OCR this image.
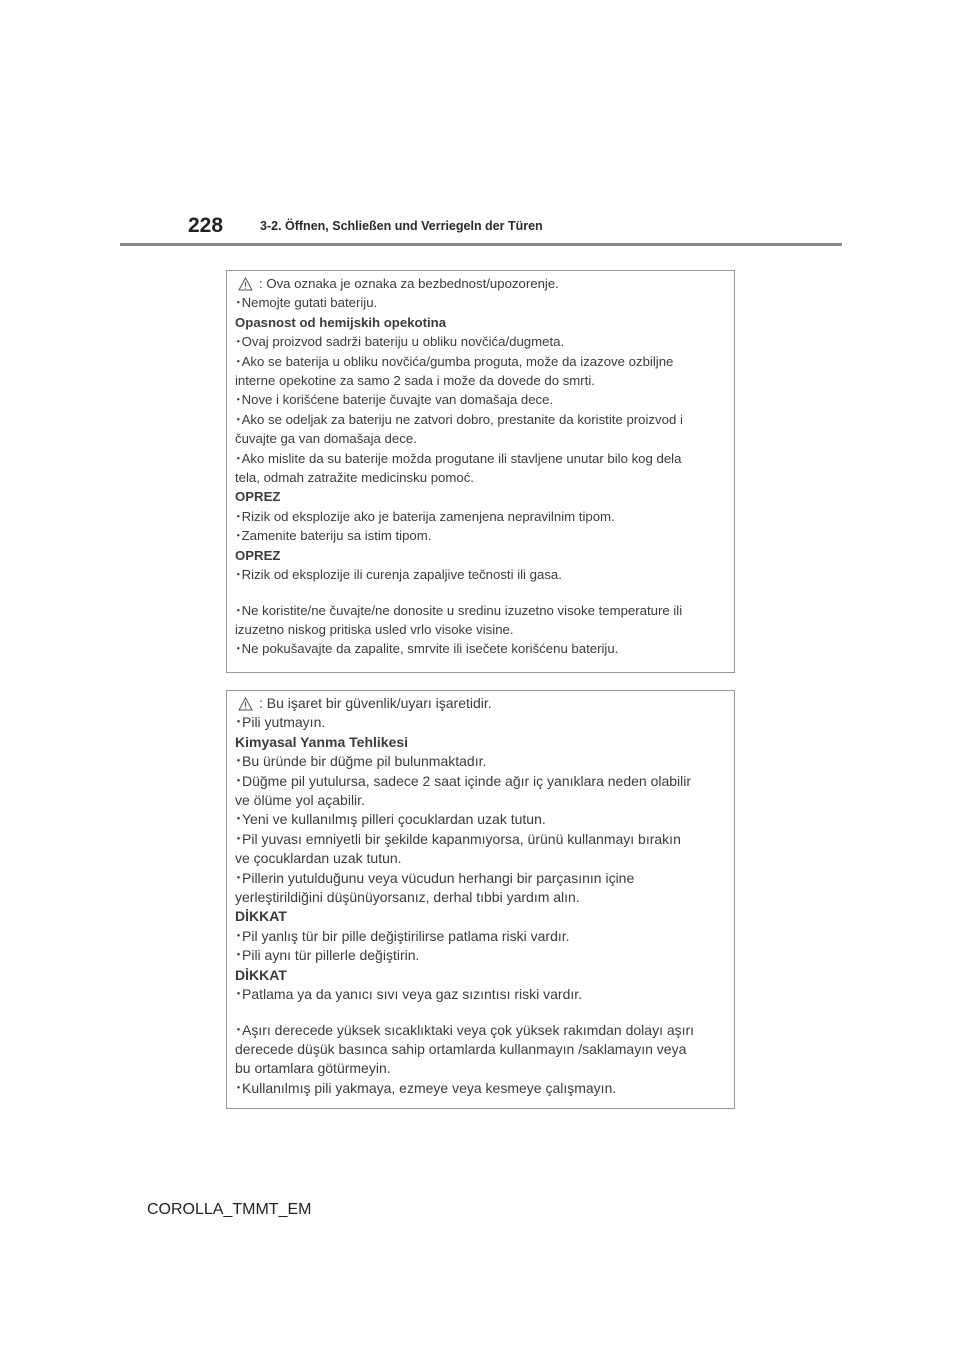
228	3-2. Öffnen, Schließen und Verriegeln der Türen
: Ova oznaka je oznaka za bezbednost/upozorenje.
･Nemojte gutati bateriju.
Opasnost od hemijskih opekotina
･Ovaj proizvod sadrži bateriju u obliku novčića/dugmeta.
･Ako se baterija u obliku novčića/gumba proguta, može da izazove ozbiljne
interne opekotine za samo 2 sada i može da dovede do smrti.
･Nove i korišćene baterije čuvajte van domašaja dece.
･Ako se odeljak za bateriju ne zatvori dobro, prestanite da koristite proizvod i
čuvajte ga van domašaja dece.
･Ako mislite da su baterije možda progutane ili stavljene unutar bilo kog dela
tela, odmah zatražite medicinsku pomoć.
OPREZ
･Rizik od eksplozije ako je baterija zamenjena nepravilnim tipom.
･Zamenite bateriju sa istim tipom.
OPREZ
･Rizik od eksplozije ili curenja zapaljive tečnosti ili gasa.
･Ne koristite/ne čuvajte/ne donosite u sredinu izuzetno visoke temperature ili
izuzetno niskog pritiska usled vrlo visoke visine.
･Ne pokušavajte da zapalite, smrvite ili isečete korišćenu bateriju.
: Bu işaret bir güvenlik/uyarı işaretidir.
･Pili yutmayın.
Kimyasal Yanma Tehlikesi
･Bu üründe bir düğme pil bulunmaktadır.
･Düğme pil yutulursa, sadece 2 saat içinde ağır iç yanıklara neden olabilir
ve ölüme yol açabilir.
･Yeni ve kullanılmış pilleri çocuklardan uzak tutun.
･Pil yuvası emniyetli bir şekilde kapanmıyorsa, ürünü kullanmayı bırakın
ve çocuklardan uzak tutun.
･Pillerin yutulduğunu veya vücudun herhangi bir parçasının içine
yerleştirildiğini düşünüyorsanız, derhal tıbbi yardım alın.
DİKKAT
･Pil yanlış tür bir pille değiştirilirse patlama riski vardır.
･Pili aynı tür pillerle değiştirin.
DİKKAT
･Patlama ya da yanıcı sıvı veya gaz sızıntısı riski vardır.
･Aşırı derecede yüksek sıcaklıktaki veya çok yüksek rakımdan dolayı aşırı
derecede düşük basınca sahip ortamlarda kullanmayın /saklamayın veya
bu ortamlara götürmeyin.
･Kullanılmış pili yakmaya, ezmeye veya kesmeye çalışmayın.
COROLLA_TMMT_EM
